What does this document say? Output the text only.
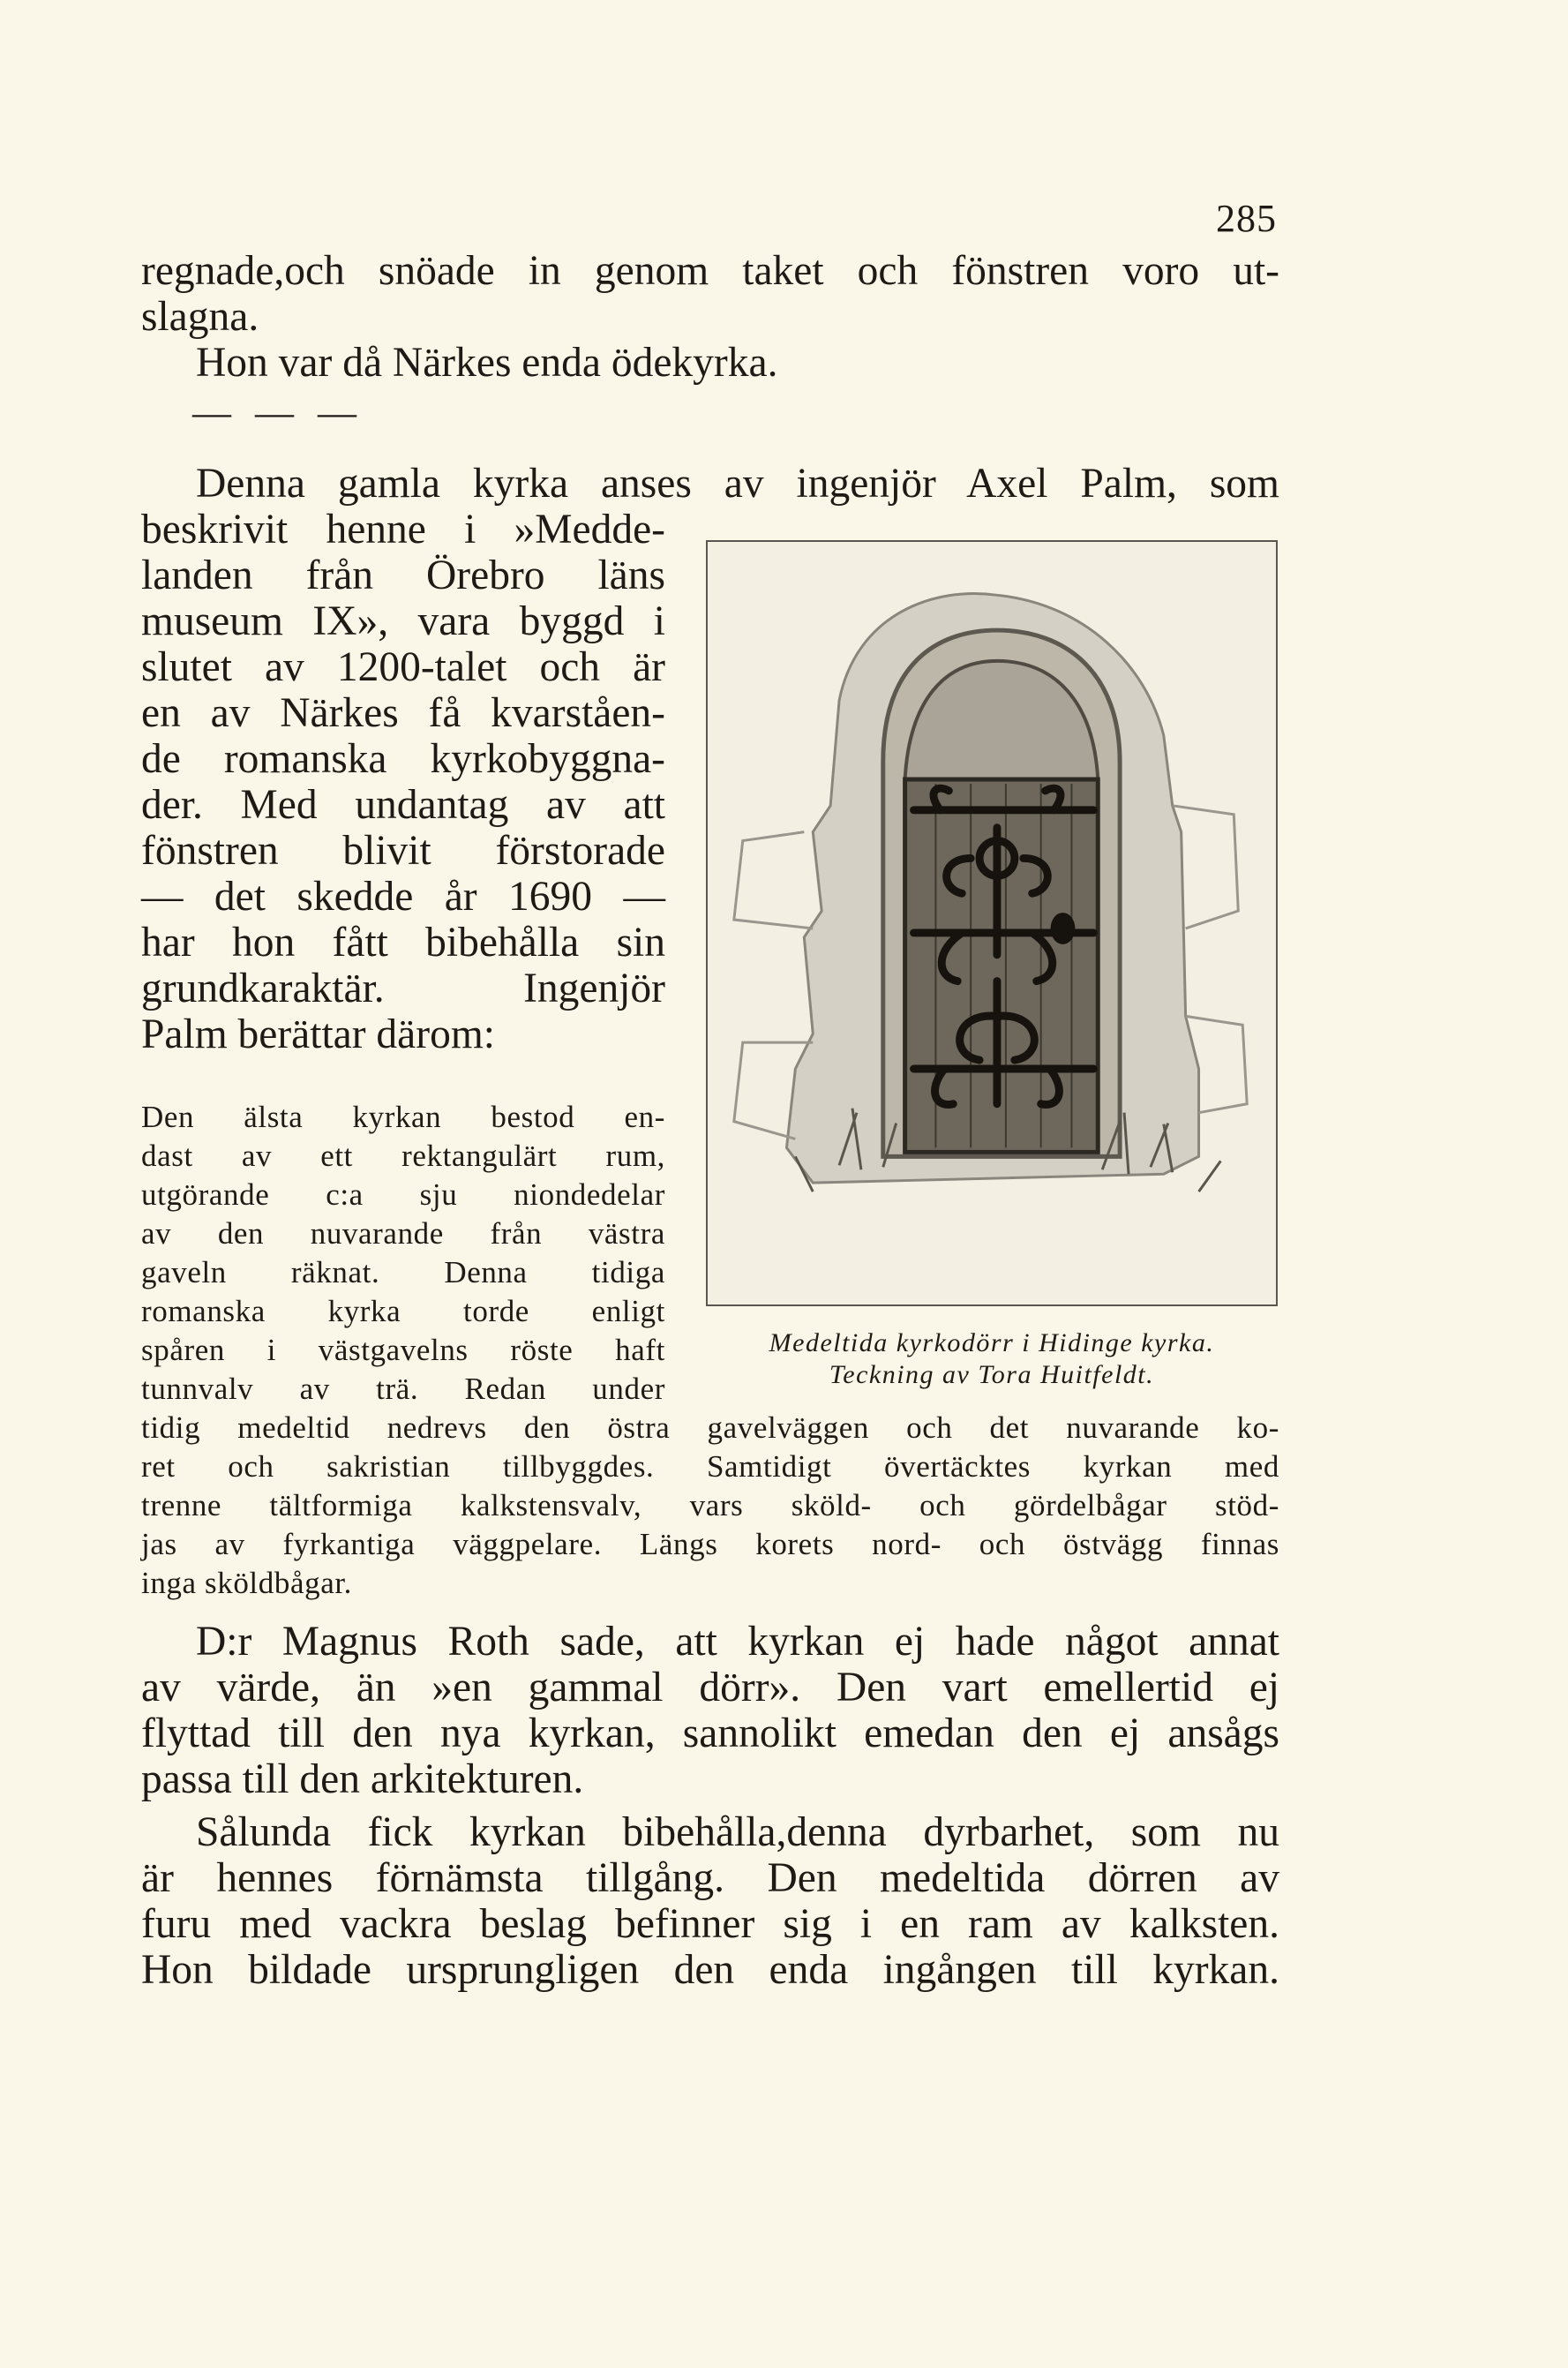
285
regnade,och snöade in genom taket och fönstren voro ut-
slagna.
Hon var då Närkes enda ödekyrka.
— — —
Denna gamla kyrka anses av ingenjör Axel Palm, som
beskrivit henne i »Medde-
landen från Örebro läns
museum IX», vara byggd i
slutet av 1200-talet och är
en av Närkes få kvarståen-
de romanska kyrkobyggna-
der. Med undantag av att
fönstren blivit förstorade
— det skedde år 1690 —
har hon fått bibehålla sin
grundkaraktär. Ingenjör
Palm berättar därom:
Den älsta kyrkan bestod en-
dast av ett rektangulärt rum,
utgörande c:a sju niondedelar
av den nuvarande från västra
gaveln räknat. Denna tidiga
romanska kyrka torde enligt
spåren i västgavelns röste haft
tunnvalv av trä. Redan under
tidig medeltid nedrevs den östra gavelväggen och det nuvarande ko-
ret och sakristian tillbyggdes. Samtidigt övertäcktes kyrkan med
trenne tältformiga kalkstensvalv, vars sköld- och gördelbågar stöd-
jas av fyrkantiga väggpelare. Längs korets nord- och östvägg finnas
inga sköldbågar.
Medeltida kyrkodörr i Hidinge kyrka.
Teckning av Tora Huitfeldt.
D:r Magnus Roth sade, att kyrkan ej hade något annat
av värde, än »en gammal dörr». Den vart emellertid ej
flyttad till den nya kyrkan, sannolikt emedan den ej ansågs
passa till den arkitekturen.
Sålunda fick kyrkan bibehålla,denna dyrbarhet, som nu
är hennes förnämsta tillgång. Den medeltida dörren av
furu med vackra beslag befinner sig i en ram av kalksten.
Hon bildade ursprungligen den enda ingången till kyrkan.
